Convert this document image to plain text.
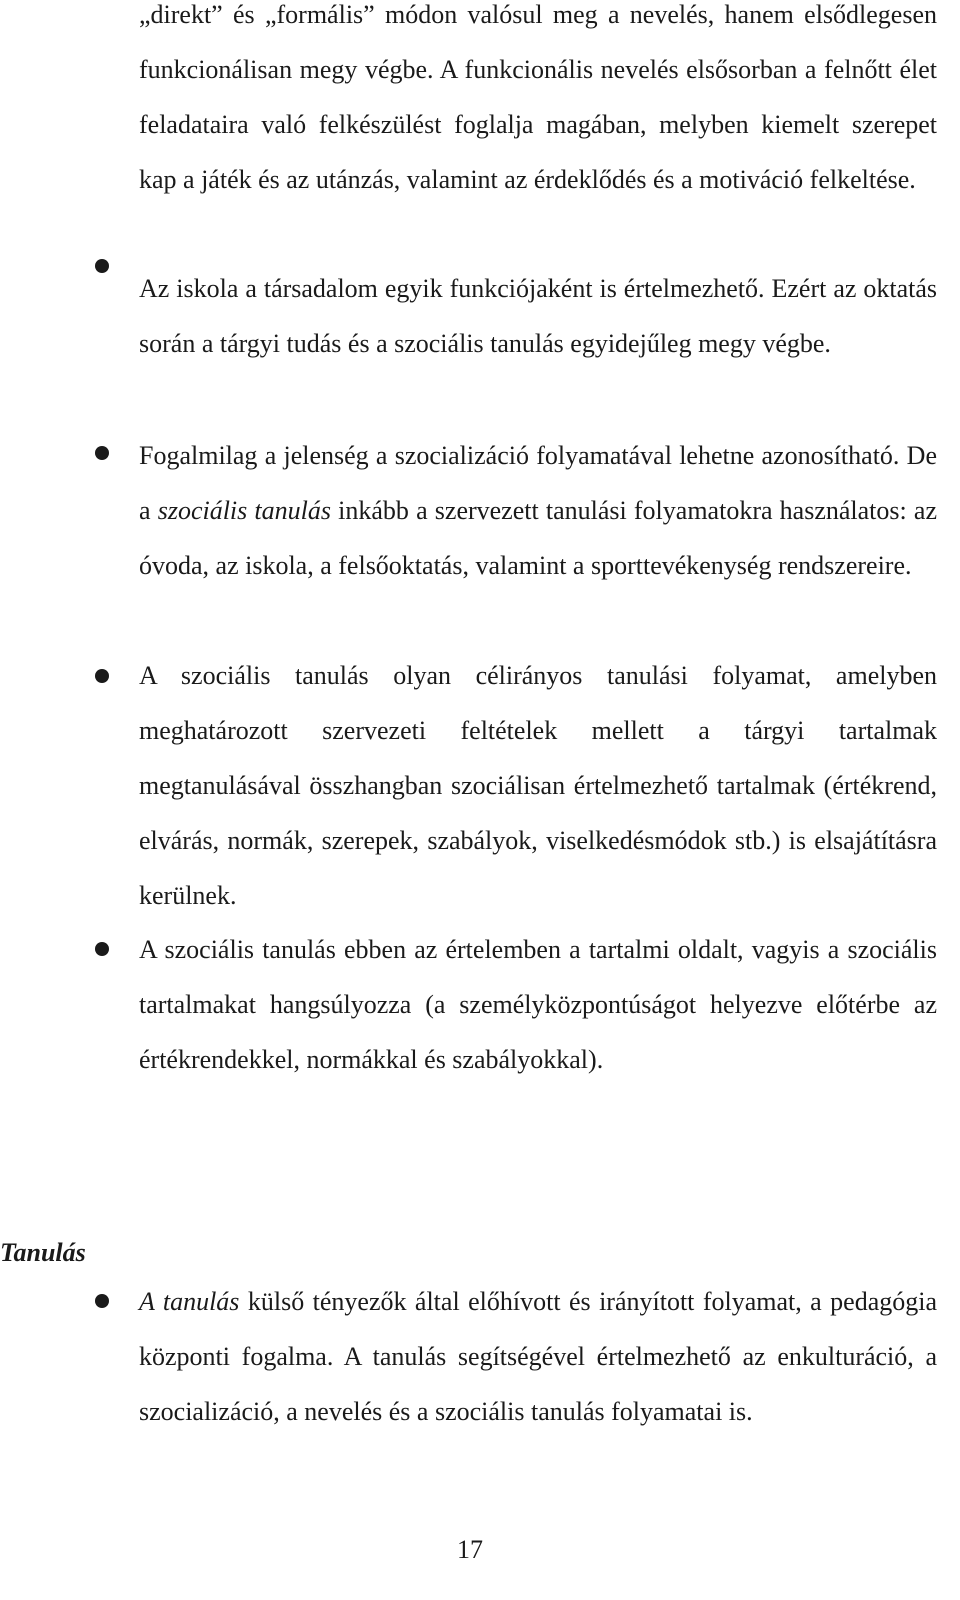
„direkt” és „formális” módon valósul meg a nevelés, hanem elsődlegesen funkcionálisan megy végbe. A funkcionális nevelés elsősorban a felnőtt élet feladataira való felkészülést foglalja magában, melyben kiemelt szerepet kap a játék és az utánzás, valamint az érdeklődés és a motiváció felkeltése.

Az iskola a társadalom egyik funkciójaként is értelmezhető. Ezért az oktatás során a tárgyi tudás és a szociális tanulás egyidejűleg megy végbe.

Fogalmilag a jelenség a szocializáció folyamatával lehetne azonosítható. De a szociális tanulás inkább a szervezett tanulási folyamatokra használatos: az óvoda, az iskola, a felsőoktatás, valamint a sporttevékenység rendszereire.

A szociális tanulás olyan célirányos tanulási folyamat, amelyben meghatározott szervezeti feltételek mellett a tárgyi tartalmak megtanulásával összhangban szociálisan értelmezhető tartalmak (értékrend, elvárás, normák, szerepek, szabályok, viselkedésmódok stb.) is elsajátításra kerülnek.

A szociális tanulás ebben az értelemben a tartalmi oldalt, vagyis a szociális tartalmakat hangsúlyozza (a személyközpontúságot helyezve előtérbe az értékrendekkel, normákkal és szabályokkal).

Tanulás

A tanulás külső tényezők által előhívott és irányított folyamat, a pedagógia központi fogalma. A tanulás segítségével értelmezhető az enkulturáció, a szocializáció, a nevelés és a szociális tanulás folyamatai is.

17
